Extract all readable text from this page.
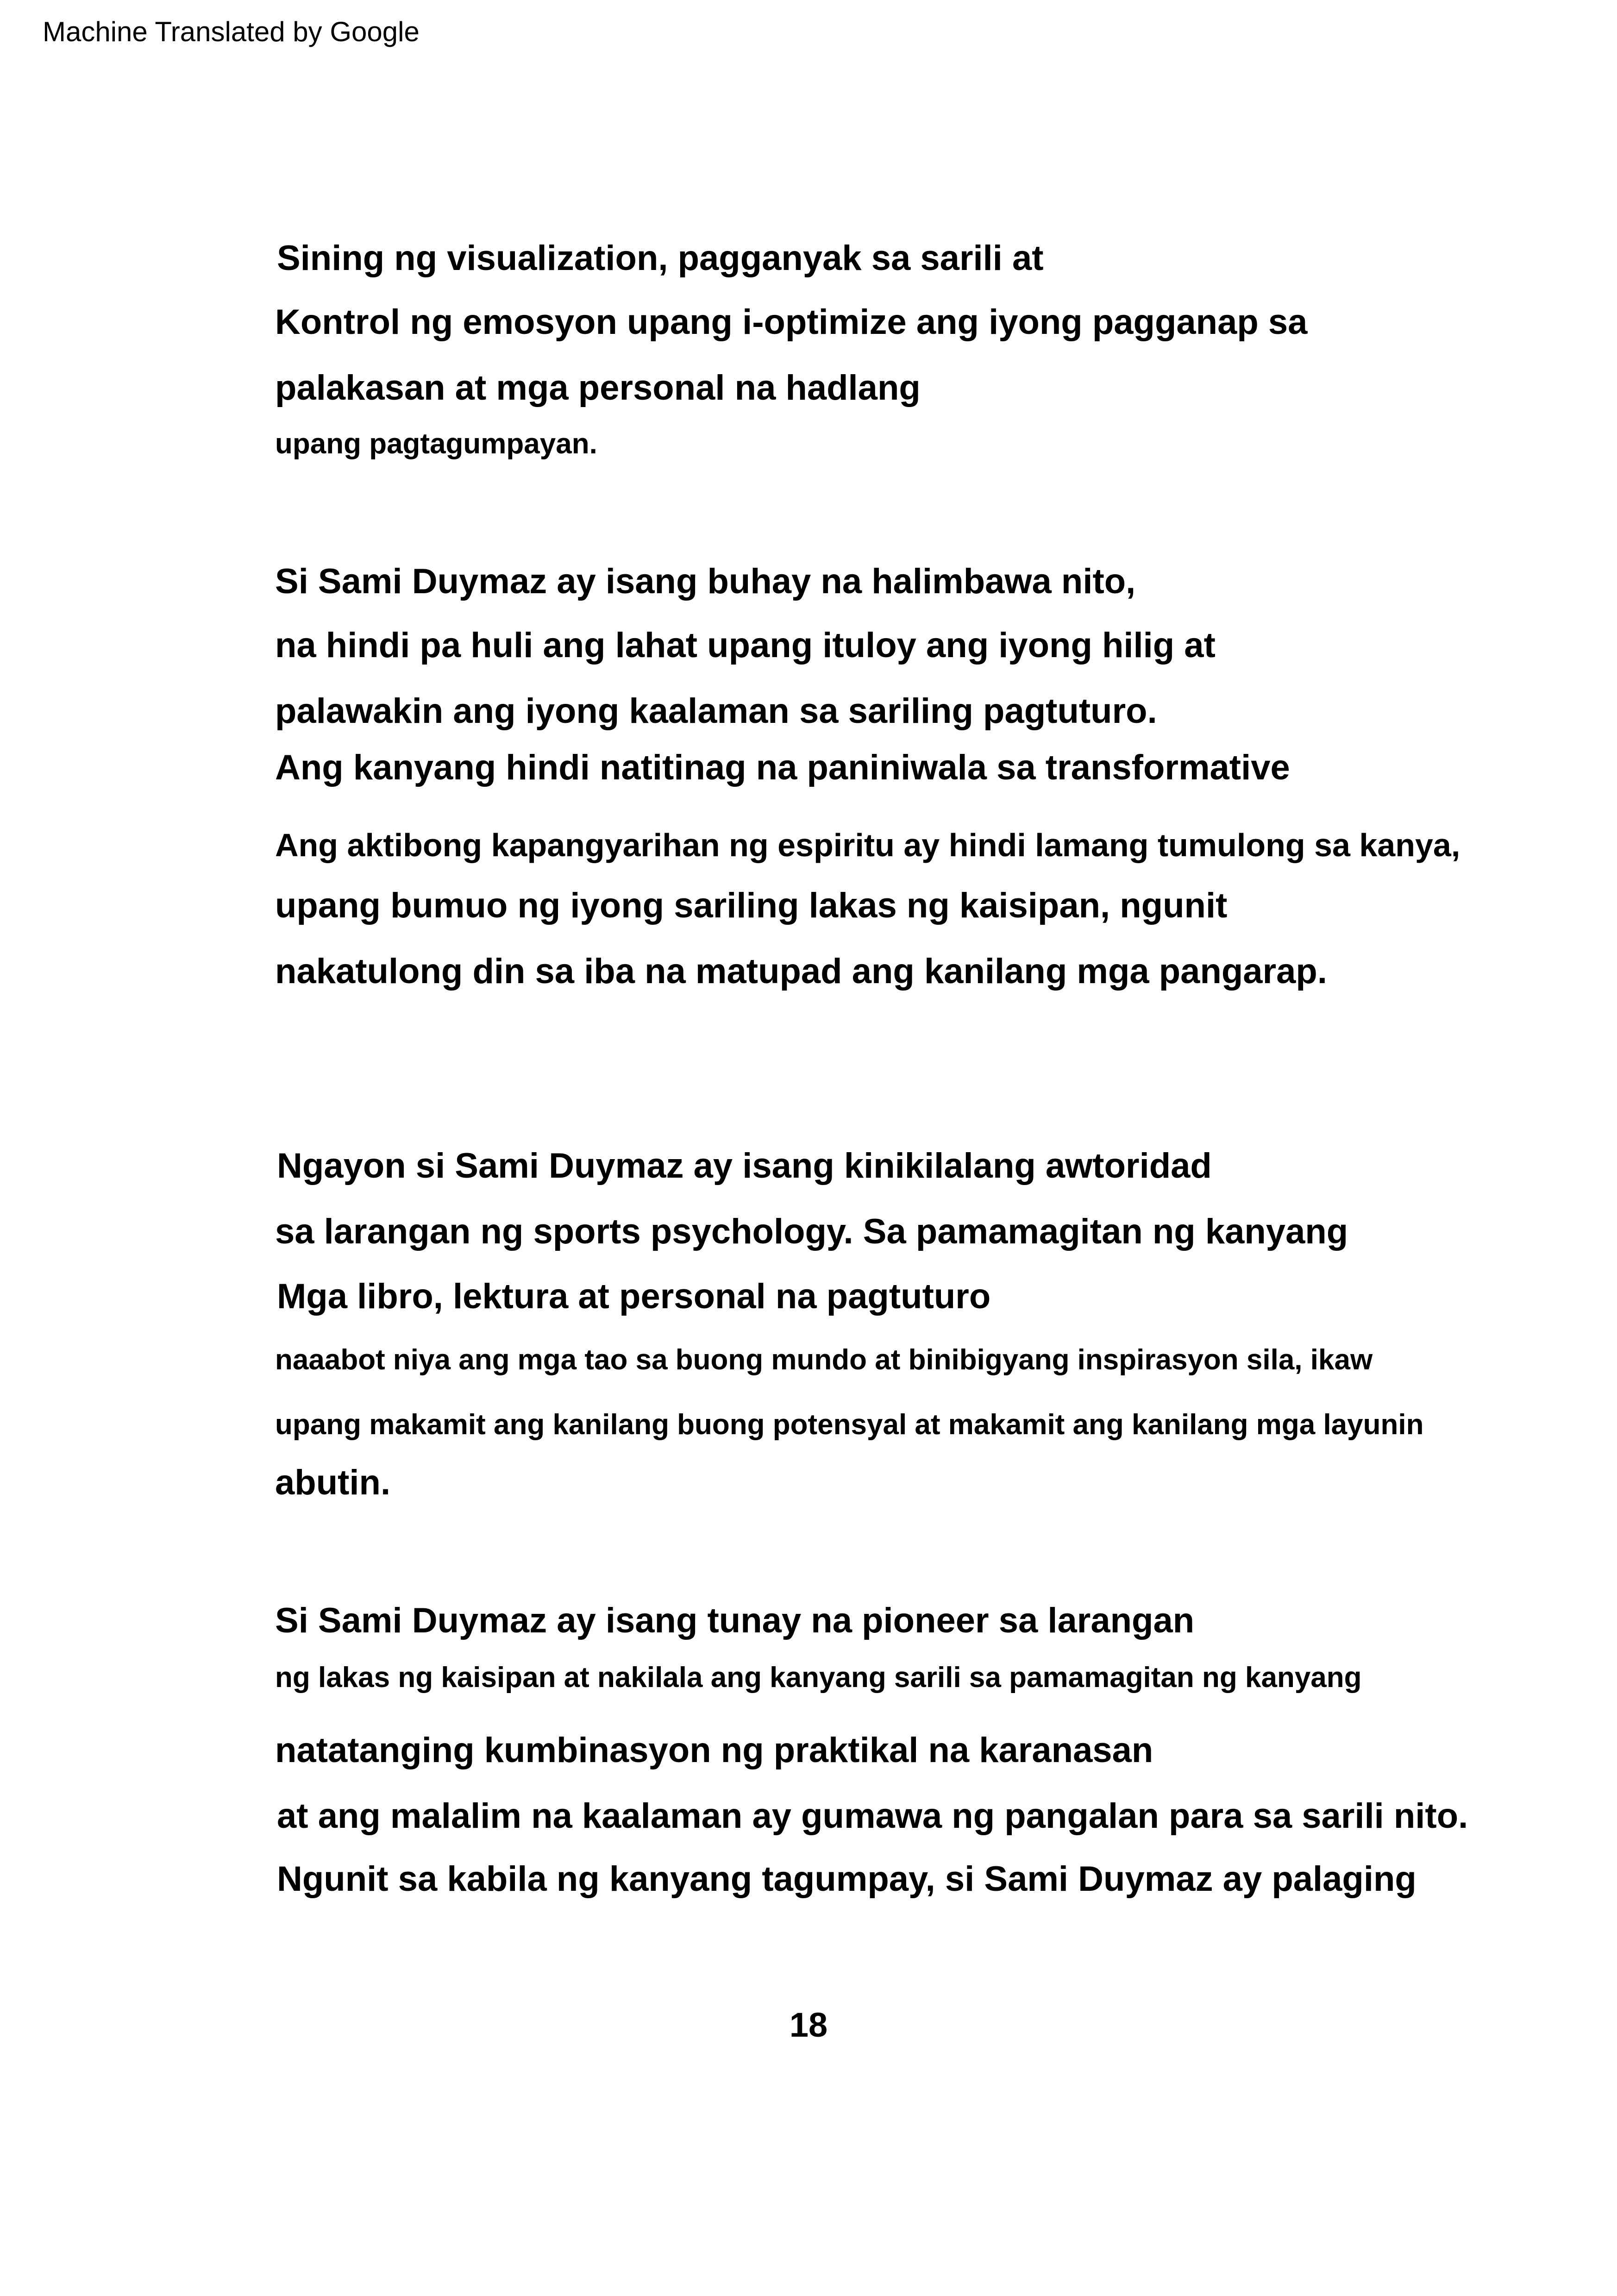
Machine Translated by Google
Sining ng visualization, pagganyak sa sarili at
Kontrol ng emosyon upang i-optimize ang iyong pagganap sa
palakasan at mga personal na hadlang
upang pagtagumpayan.
Si Sami Duymaz ay isang buhay na halimbawa nito,
na hindi pa huli ang lahat upang ituloy ang iyong hilig at
palawakin ang iyong kaalaman sa sariling pagtuturo.
Ang kanyang hindi natitinag na paniniwala sa transformative
Ang aktibong kapangyarihan ng espiritu ay hindi lamang tumulong sa kanya,
upang bumuo ng iyong sariling lakas ng kaisipan, ngunit
nakatulong din sa iba na matupad ang kanilang mga pangarap.
Ngayon si Sami Duymaz ay isang kinikilalang awtoridad
sa larangan ng sports psychology. Sa pamamagitan ng kanyang
Mga libro, lektura at personal na pagtuturo
naaabot niya ang mga tao sa buong mundo at binibigyang inspirasyon sila, ikaw
upang makamit ang kanilang buong potensyal at makamit ang kanilang mga layunin
abutin.
Si Sami Duymaz ay isang tunay na pioneer sa larangan
ng lakas ng kaisipan at nakilala ang kanyang sarili sa pamamagitan ng kanyang
natatanging kumbinasyon ng praktikal na karanasan
at ang malalim na kaalaman ay gumawa ng pangalan para sa sarili nito.
Ngunit sa kabila ng kanyang tagumpay, si Sami Duymaz ay palaging
18
